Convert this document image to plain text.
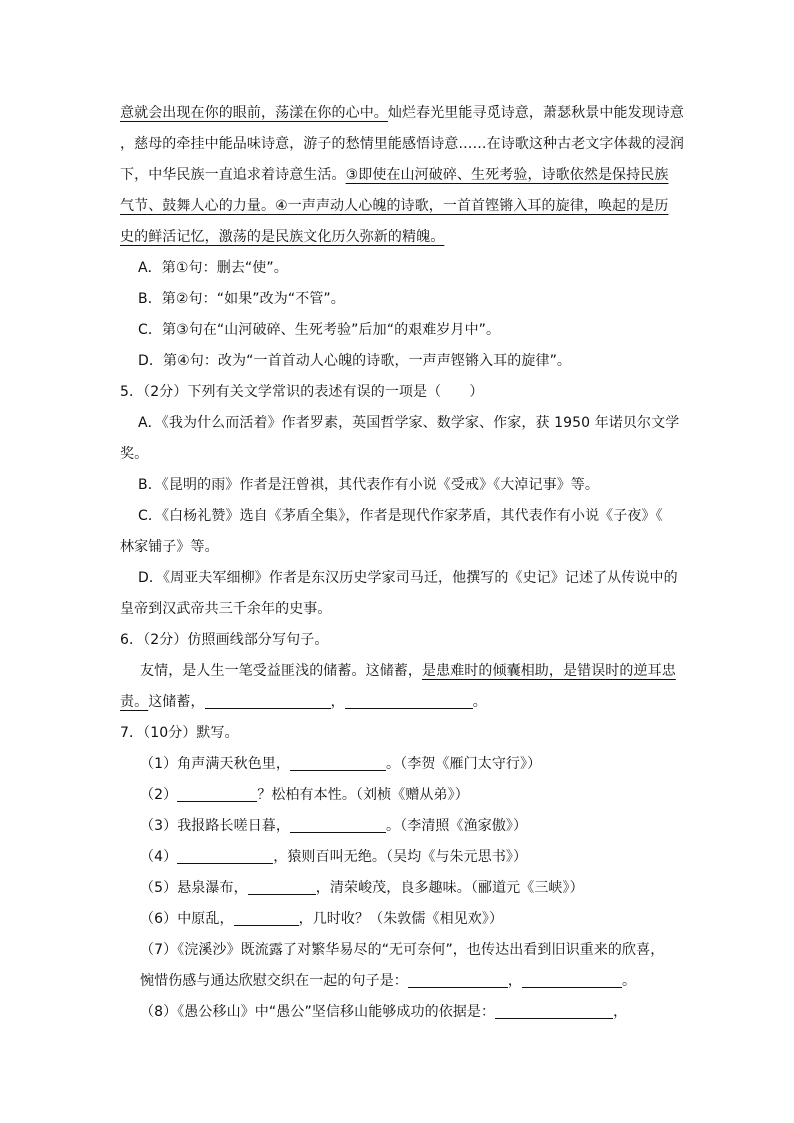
意就会出现在你的眼前，荡漾在你的心中。灿烂春光里能寻觅诗意，萧瑟秋景中能发现诗意
，慈母的牵挂中能品味诗意，游子的愁情里能感悟诗意……在诗歌这种古老文字体裁的浸润
下，中华民族一直追求着诗意生活。③即使在山河破碎、生死考验，诗歌依然是保持民族
气节、鼓舞人心的力量。④一声声动人心魄的诗歌，一首首铿锵入耳的旋律，唤起的是历
史的鲜活记忆，激荡的是民族文化历久弥新的精魄。
A．第①句：删去“使”。
B．第②句：“如果”改为“不管”。
C．第③句在“山河破碎、生死考验”后加“的艰难岁月中”。
D．第④句：改为“一首首动人心魄的诗歌，一声声铿锵入耳的旋律”。
5．（2分）下列有关文学常识的表述有误的一项是（　　）
A．《我为什么而活着》作者罗素，英国哲学家、数学家、作家，获 1950 年诺贝尔文学
奖。
B．《昆明的雨》作者是汪曾祺，其代表作有小说《受戒》《大淖记事》等。
C．《白杨礼赞》选自《茅盾全集》，作者是现代作家茅盾，其代表作有小说《子夜》《
林家铺子》等。
D．《周亚夫军细柳》作者是东汉历史学家司马迁，他撰写的《史记》记述了从传说中的
皇帝到汉武帝共三千余年的史事。
6．（2分）仿照画线部分写句子。
友情，是人生一笔受益匪浅的储蓄。这储蓄，是患难时的倾囊相助，是错误时的逆耳忠
责。这储蓄，	，	。
7．（10分）默写。
（1）角声满天秋色里，	。（李贺《雁门太守行》）
（2）	？松柏有本性。（刘桢《赠从弟》）
（3）我报路长嗟日暮，	。（李清照《渔家傲》）
（4）	，猿则百叫无绝。（吴均《与朱元思书》）
（5）悬泉瀑布，	，清荣峻茂，良多趣味。（郦道元《三峡》）
（6）中原乱，	，几时收？（朱敦儒《相见欢》）
（7）《浣溪沙》既流露了对繁华易尽的“无可奈何”，也传达出看到旧识重来的欣喜，
惋惜伤感与通达欣慰交织在一起的句子是：	，	。
（8）《愚公移山》中“愚公”坚信移山能够成功的依据是：	，
